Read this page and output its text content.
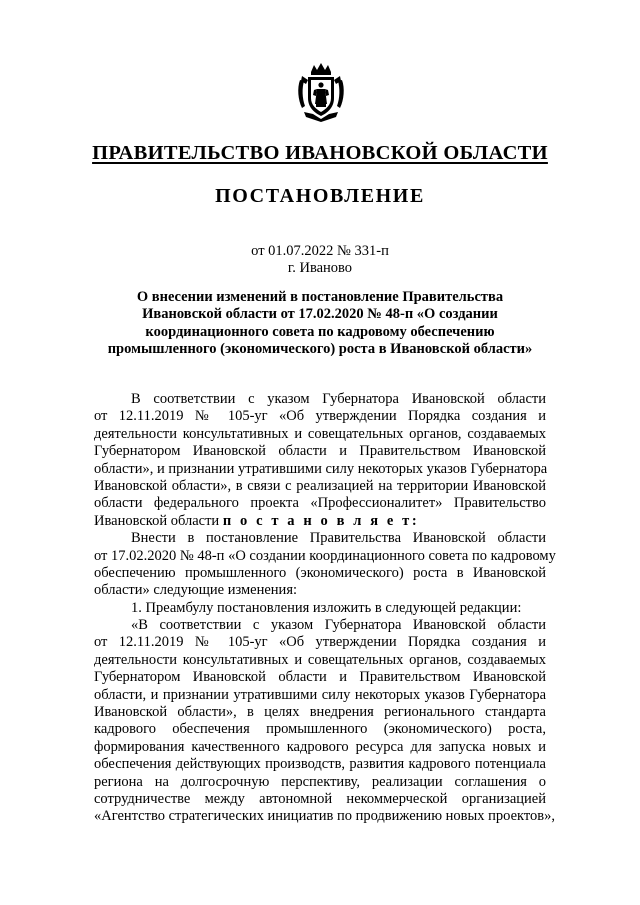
ПРАВИТЕЛЬСТВО ИВАНОВСКОЙ ОБЛАСТИ
ПОСТАНОВЛЕНИЕ
от 01.07.2022 № 331-п
г. Иваново
О внесении изменений в постановление Правительства
Ивановской области от 17.02.2020 № 48-п «О создании
координационного совета по кадровому обеспечению
промышленного (экономического) роста в Ивановской области»
В соответствии с указом Губернатора Ивановской области
от 12.11.2019 № 105-уг «Об утверждении Порядка создания и
деятельности консультативных и совещательных органов, создаваемых
Губернатором Ивановской области и Правительством Ивановской
области», и признании утратившими силу некоторых указов Губернатора
Ивановской области», в связи с реализацией на территории Ивановской
области федерального проекта «Профессионалитет» Правительство
Ивановской области п о с т а н о в л я е т:
Внести в постановление Правительства Ивановской области
от 17.02.2020 № 48-п «О создании координационного совета по кадровому
обеспечению промышленного (экономического) роста в Ивановской
области» следующие изменения:
1. Преамбулу постановления изложить в следующей редакции:
«В соответствии с указом Губернатора Ивановской области
от 12.11.2019 № 105-уг «Об утверждении Порядка создания и
деятельности консультативных и совещательных органов, создаваемых
Губернатором Ивановской области и Правительством Ивановской
области, и признании утратившими силу некоторых указов Губернатора
Ивановской области», в целях внедрения регионального стандарта
кадрового обеспечения промышленного (экономического) роста,
формирования качественного кадрового ресурса для запуска новых и
обеспечения действующих производств, развития кадрового потенциала
региона на долгосрочную перспективу, реализации соглашения о
сотрудничестве между автономной некоммерческой организацией
«Агентство стратегических инициатив по продвижению новых проектов»,
